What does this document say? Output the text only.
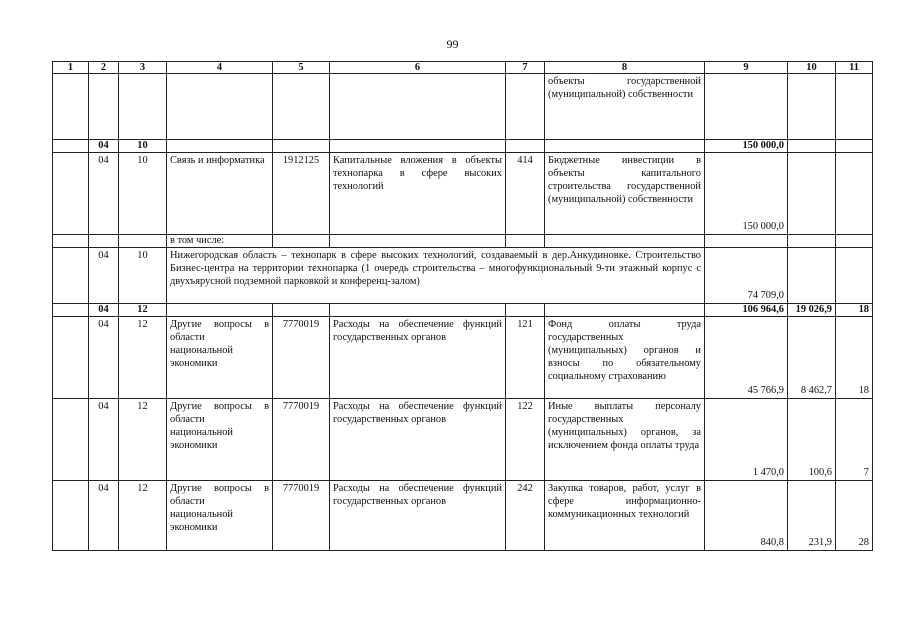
99
1	2	3	4	5	6	7	8	9	10	11
							объекты государственной (муниципальной) собственности			
	04	10						150 000,0		
	04	10	Связь и информатика	1912125	Капитальные вложения в объекты технопарка в сфере высоких технологий	414	Бюджетные инвестиции в объекты капитального строительства государственной (муниципальной) собственности	150 000,0		
			в том числе:							
	04	10	Нижегородская область – технопарк в сфере высоких технологий, создаваемый в дер.Анкудиновке. Строительство Бизнес-центра на территории технопарка (1 очередь строительства – многофункциональный 9-ти этажный корпус с двухъярусной подземной парковкой и конференц-залом)					74 709,0		
	04	12						106 964,6	19 026,9	18
	04	12	Другие вопросы в области национальной экономики	7770019	Расходы на обеспечение функций государственных органов	121	Фонд оплаты труда государственных (муниципальных) органов и взносы по обязательному социальному страхованию	45 766,9	8 462,7	18
	04	12	Другие вопросы в области национальной экономики	7770019	Расходы на обеспечение функций государственных органов	122	Иные выплаты персоналу государственных (муниципальных) органов, за исключением фонда оплаты труда	1 470,0	100,6	7
	04	12	Другие вопросы в области национальной экономики	7770019	Расходы на обеспечение функций государственных органов	242	Закупка товаров, работ, услуг в сфере информационно-коммуникационных технологий	840,8	231,9	28
